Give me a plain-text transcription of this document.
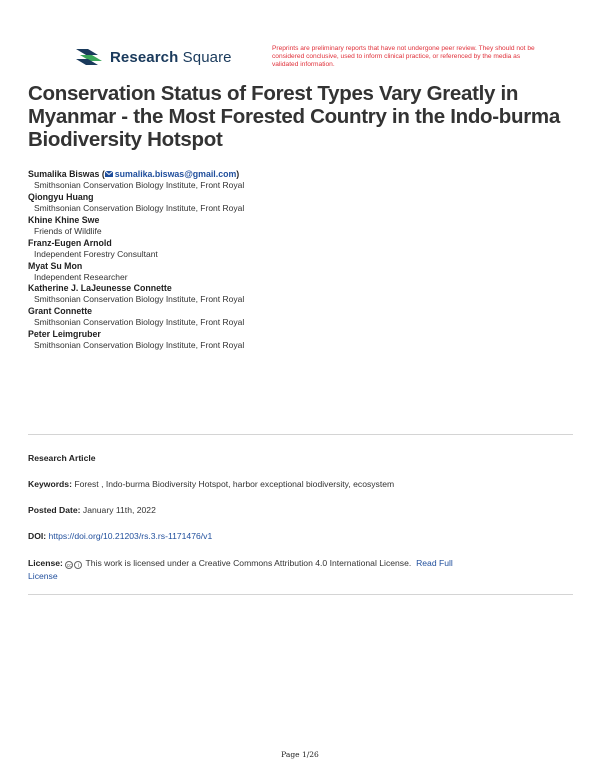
Research Square	Preprints are preliminary reports that have not undergone peer review. They should not be considered conclusive, used to inform clinical practice, or referenced by the media as validated information.
Conservation Status of Forest Types Vary Greatly in Myanmar - the Most Forested Country in the Indo-burma Biodiversity Hotspot
Sumalika Biswas ( sumalika.biswas@gmail.com)
Smithsonian Conservation Biology Institute, Front Royal
Qiongyu Huang
Smithsonian Conservation Biology Institute, Front Royal
Khine Khine Swe
Friends of Wildlife
Franz-Eugen Arnold
Independent Forestry Consultant
Myat Su Mon
Independent Researcher
Katherine J. LaJeunesse Connette
Smithsonian Conservation Biology Institute, Front Royal
Grant Connette
Smithsonian Conservation Biology Institute, Front Royal
Peter Leimgruber
Smithsonian Conservation Biology Institute, Front Royal
Research Article
Keywords: Forest , Indo-burma Biodiversity Hotspot, harbor exceptional biodiversity, ecosystem
Posted Date: January 11th, 2022
DOI: https://doi.org/10.21203/rs.3.rs-1171476/v1
License: cc i This work is licensed under a Creative Commons Attribution 4.0 International License. Read Full
License
Page 1/26
